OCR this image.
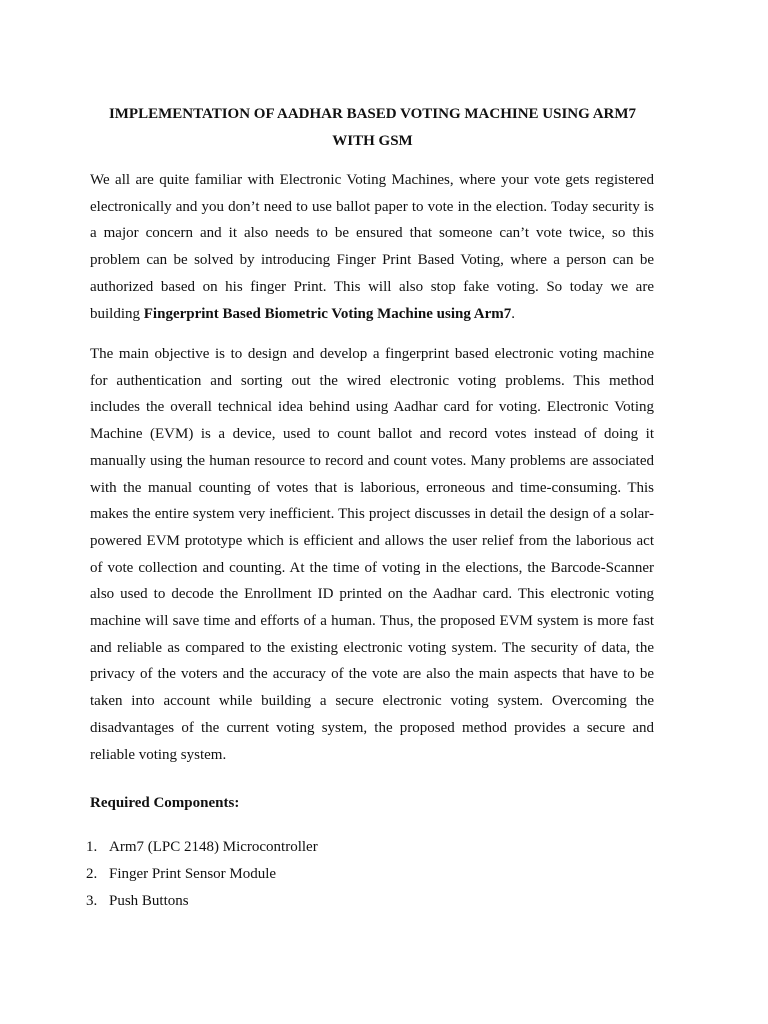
IMPLEMENTATION OF AADHAR BASED VOTING MACHINE USING ARM7
WITH GSM

We all are quite familiar with Electronic Voting Machines, where your vote gets registered
electronically and you don’t need to use ballot paper to vote in the election. Today security is
a major concern and it also needs to be ensured that someone can’t vote twice, so this
problem can be solved by introducing Finger Print Based Voting, where a person can be
authorized based on his finger Print. This will also stop fake voting. So today we are
building Fingerprint Based Biometric Voting Machine using Arm7.

The main objective is to design and develop a fingerprint based electronic voting machine
for authentication and sorting out the wired electronic voting problems. This method
includes the overall technical idea behind using Aadhar card for voting. Electronic Voting
Machine (EVM) is a device, used to count ballot and record votes instead of doing it
manually using the human resource to record and count votes. Many problems are associated
with the manual counting of votes that is laborious, erroneous and time-consuming. This
makes the entire system very inefficient. This project discusses in detail the design of a solar-
powered EVM prototype which is efficient and allows the user relief from the laborious act
of vote collection and counting. At the time of voting in the elections, the Barcode-Scanner
also used to decode the Enrollment ID printed on the Aadhar card. This electronic voting
machine will save time and efforts of a human. Thus, the proposed EVM system is more fast
and reliable as compared to the existing electronic voting system. The security of data, the
privacy of the voters and the accuracy of the vote are also the main aspects that have to be
taken into account while building a secure electronic voting system. Overcoming the
disadvantages of the current voting system, the proposed method provides a secure and
reliable voting system.

Required Components:
1. Arm7 (LPC 2148) Microcontroller
2. Finger Print Sensor Module
3. Push Buttons
